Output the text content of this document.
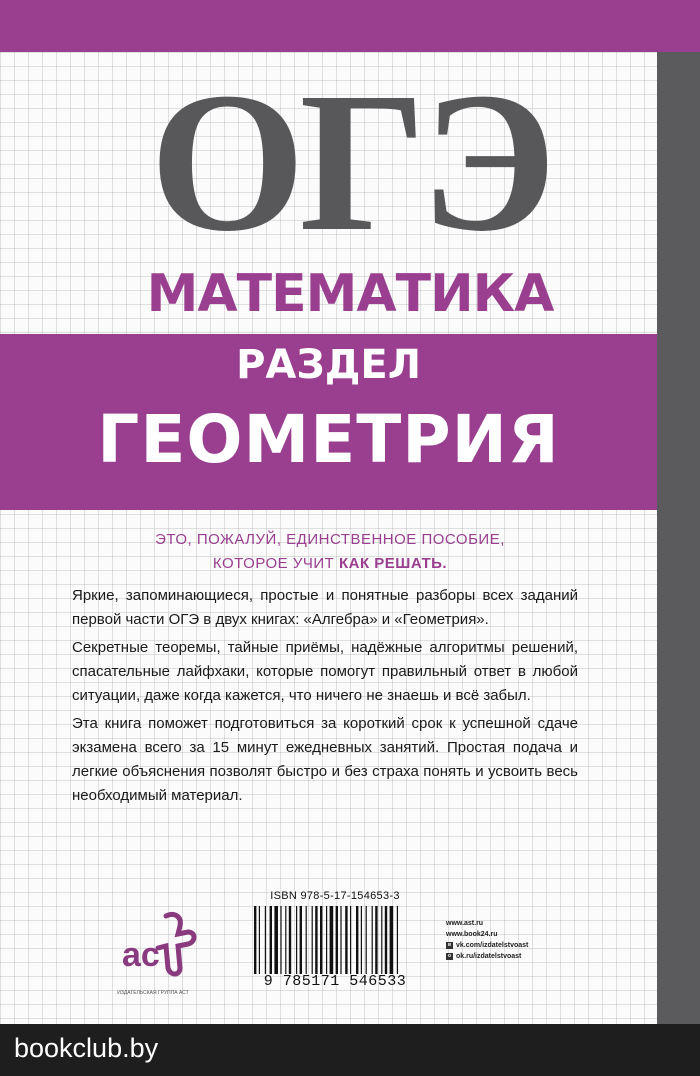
ОГЭ
МАТЕМАТИКА
РАЗДЕЛ
ГЕОМЕТРИЯ
ЭТО, ПОЖАЛУЙ, ЕДИНСТВЕННОЕ ПОСОБИЕ,
КОТОРОЕ УЧИТ КАК РЕШАТЬ.

Яркие, запоминающиеся, простые и понятные разборы всех заданий первой части ОГЭ в двух книгах: «Алгебра» и «Геометрия».

Секретные теоремы, тайные приёмы, надёжные алгоритмы решений, спасательные лайфхаки, которые помогут правильный ответ в любой ситуации, даже когда кажется, что ничего не знаешь и всё забыл.

Эта книга поможет подготовиться за короткий срок к успешной сдаче экзамена всего за 15 минут ежедневных занятий. Простая подача и легкие объяснения позволят быстро и без страха понять и усвоить весь необходимый материал.

ac
ИЗДАТЕЛЬСКАЯ ГРУППА АСТ
ISBN 978-5-17-154653-3
9 785171 546533
www.ast.ru
www.book24.ru
в vk.com/izdatelstvoast
о ok.ru/izdatelstvoast
bookclub.by
